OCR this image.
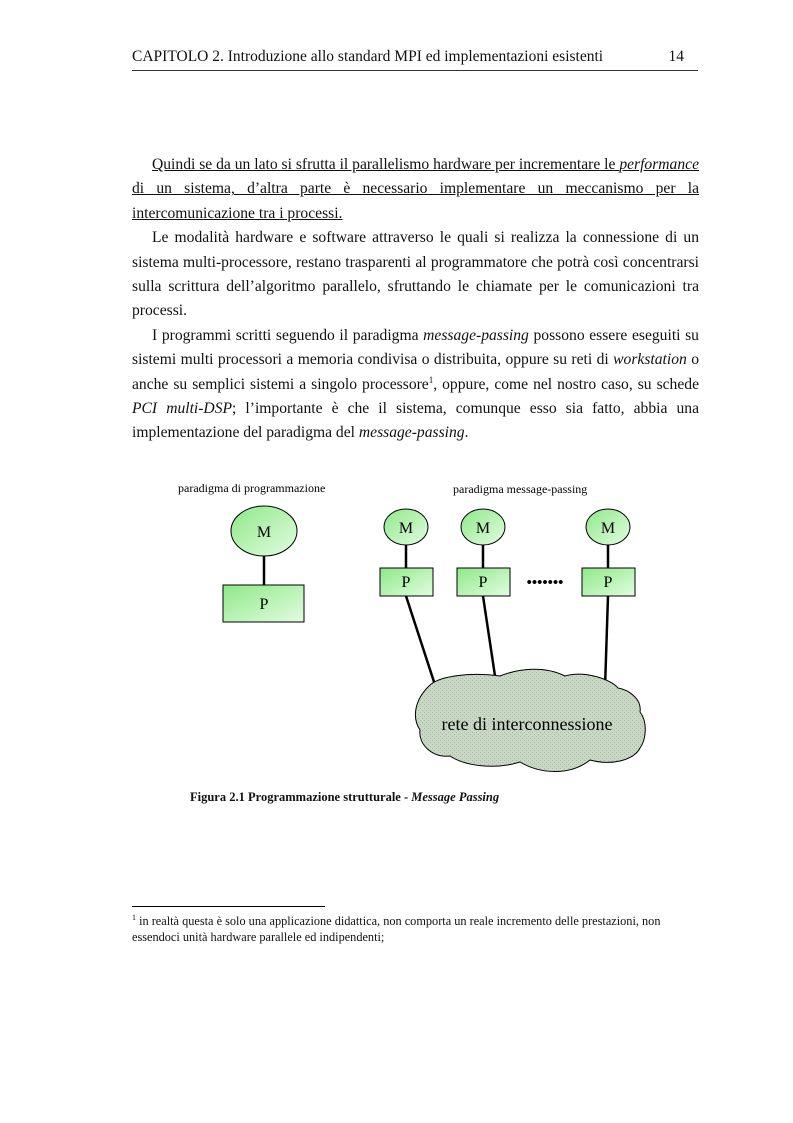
CAPITOLO 2. Introduzione allo standard MPI ed implementazioni esistenti	14

Quindi se da un lato si sfrutta il parallelismo hardware per incrementare le performance di un sistema, d’altra parte è necessario implementare un meccanismo per la intercomunicazione tra i processi.

Le modalità hardware e software attraverso le quali si realizza la connessione di un sistema multi-processore, restano trasparenti al programmatore che potrà così concentrarsi sulla scrittura dell’algoritmo parallelo, sfruttando le chiamate per le comunicazioni tra processi.

I programmi scritti seguendo il paradigma message-passing possono essere eseguiti su sistemi multi processori a memoria condivisa o distribuita, oppure su reti di workstation o anche su semplici sistemi a singolo processore$^1$, oppure, come nel nostro caso, su schede PCI multi-DSP; l’importante è che il sistema, comunque esso sia fatto, abbia una implementazione del paradigma del message-passing.

paradigma di programmazione	paradigma message-passing
M
P
M	M	M
P	P	P
•••••••
rete di interconnessione
Figura 2.1 Programmazione strutturale - Message Passing
$^1$ in realtà questa è solo una applicazione didattica, non comporta un reale incremento delle prestazioni, non essendoci unità hardware parallele ed indipendenti;
